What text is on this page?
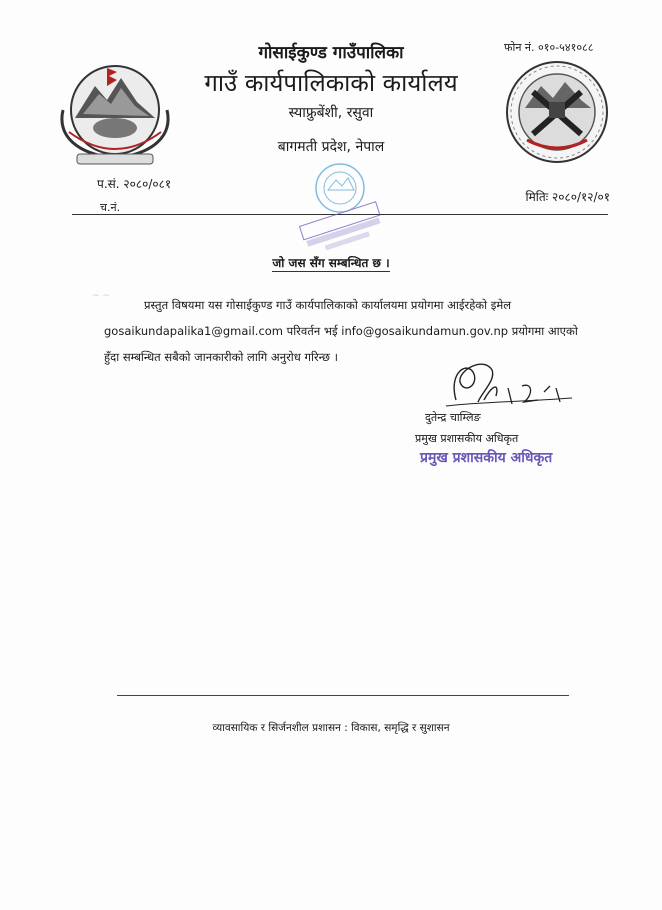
गोसाईकुण्ड गाउँपालिका
गाउँ कार्यपालिकाको कार्यालय
स्याफ्रुबेंशी, रसुवा
बागमती प्रदेश, नेपाल
फोन नं. ०१०-५४१०८८
प.सं. २०८०/०८१
मितिः २०८०/१२/०१
च.नं.
जो जस सँग सम्बन्धित छ ।
~ ~
प्रस्तुत विषयमा यस गोसाईकुण्ड गाउँ कार्यपालिकाको कार्यालयमा प्रयोगमा आईरहेको इमेल
gosaikundapalika1@gmail.com परिवर्तन भई info@gosaikundamun.gov.np प्रयोगमा आएको
हुँदा सम्बन्धित सबैको जानकारीको लागि अनुरोध गरिन्छ ।
दुतेन्द्र चाम्लिङ
प्रमुख प्रशासकीय अधिकृत
प्रमुख प्रशासकीय अधिकृत
व्यावसायिक र सिर्जनशील प्रशासन : विकास, समृद्धि र सुशासन
